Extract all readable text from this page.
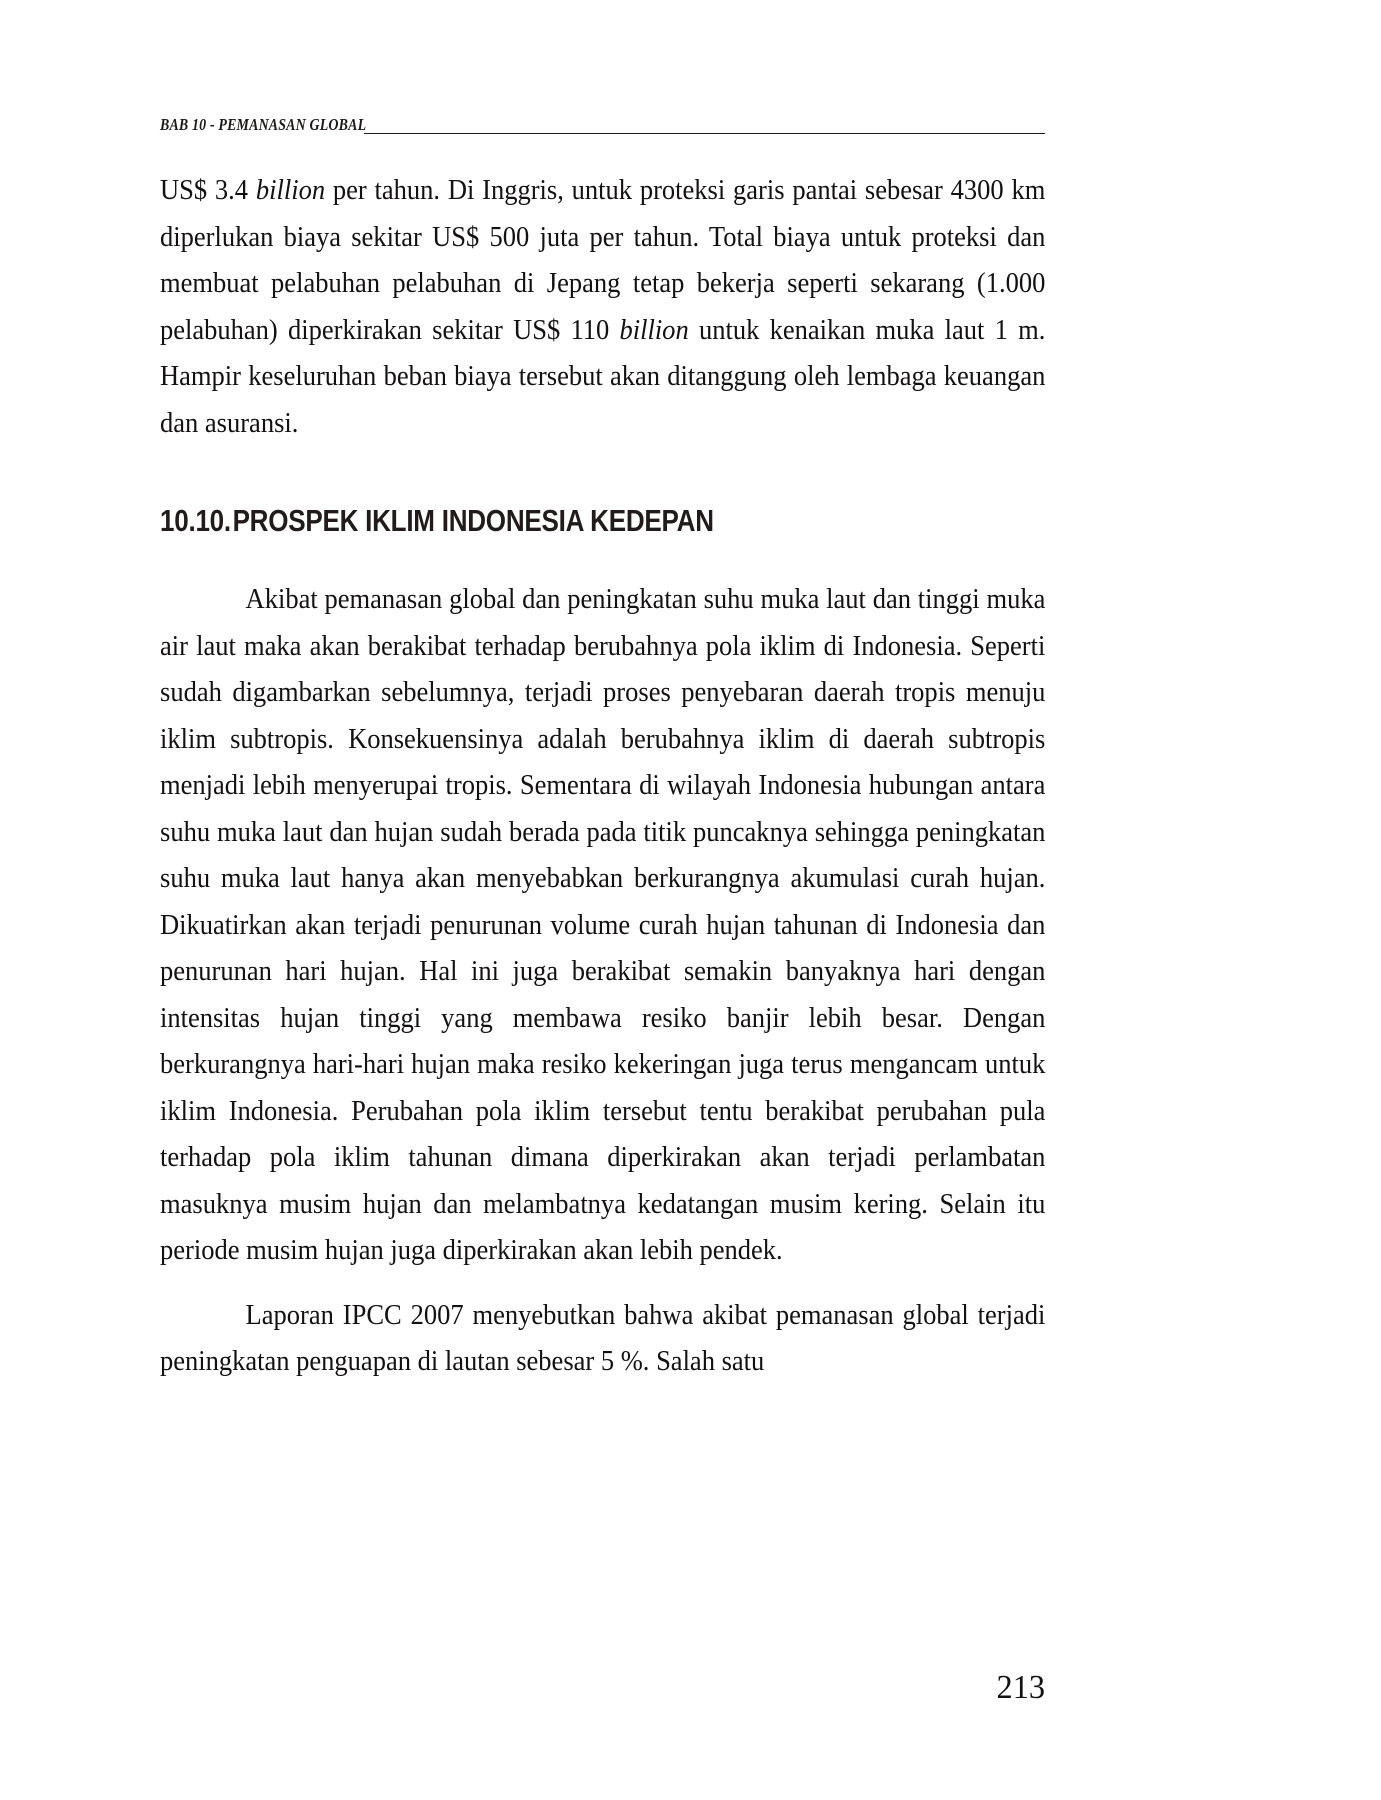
BAB 10 - PEMANASAN GLOBAL

US$ 3.4 billion per tahun. Di Inggris, untuk proteksi garis pantai sebesar 4300 km diperlukan biaya sekitar US$ 500 juta per tahun. Total biaya untuk proteksi dan membuat pelabuhan pelabuhan di Jepang tetap bekerja seperti sekarang (1.000 pelabuhan) diperkirakan sekitar US$ 110 billion untuk kenaikan muka laut 1 m. Hampir keseluruhan beban biaya tersebut akan ditanggung oleh lembaga keuangan dan asuransi.

10.10.PROSPEK IKLIM INDONESIA KEDEPAN

Akibat pemanasan global dan peningkatan suhu muka laut dan tinggi muka air laut maka akan berakibat terhadap berubahnya pola iklim di Indonesia. Seperti sudah digambarkan sebelumnya, terjadi proses penyebaran daerah tropis menuju iklim subtropis. Konsekuensinya adalah berubahnya iklim di daerah subtropis menjadi lebih menyerupai tropis. Sementara di wilayah Indonesia hubungan antara suhu muka laut dan hujan sudah berada pada titik puncaknya sehingga peningkatan suhu muka laut hanya akan menyebabkan berkurangnya akumulasi curah hujan. Dikuatirkan akan terjadi penurunan volume curah hujan tahunan di Indonesia dan penurunan hari hujan. Hal ini juga berakibat semakin banyaknya hari dengan intensitas hujan tinggi yang membawa resiko banjir lebih besar. Dengan berkurangnya hari-hari hujan maka resiko kekeringan juga terus mengancam untuk iklim Indonesia. Perubahan pola iklim tersebut tentu berakibat perubahan pula terhadap pola iklim tahunan dimana diperkirakan akan terjadi perlambatan masuknya musim hujan dan melambatnya kedatangan musim kering. Selain itu periode musim hujan juga diperkirakan akan lebih pendek.

Laporan IPCC 2007 menyebutkan bahwa akibat pemanasan global terjadi peningkatan penguapan di lautan sebesar 5 %. Salah satu

213
